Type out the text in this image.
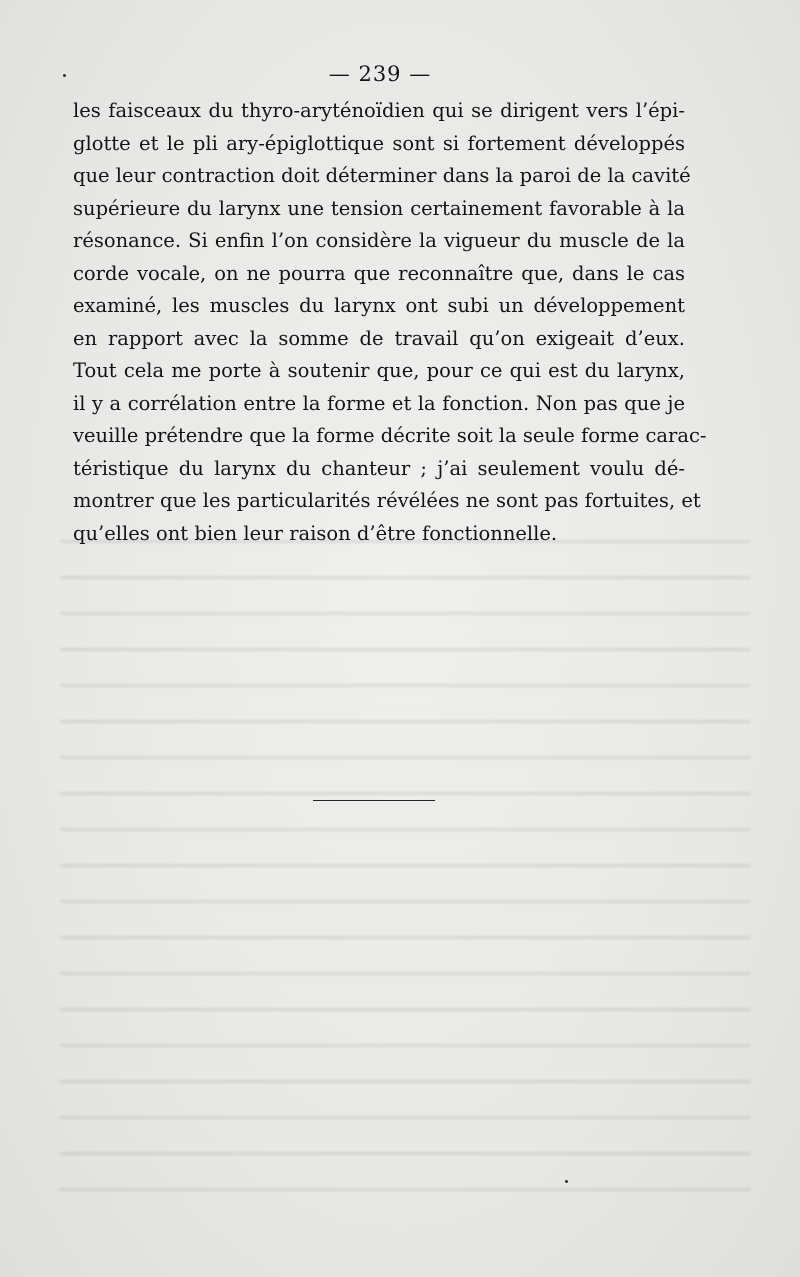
— 239 —
les faisceaux du thyro-aryténoïdien qui se dirigent vers l’épi-
glotte et le pli ary-épiglottique sont si fortement développés
que leur contraction doit déterminer dans la paroi de la cavité
supérieure du larynx une tension certainement favorable à la
résonance. Si enfin l’on considère la vigueur du muscle de la
corde vocale, on ne pourra que reconnaître que, dans le cas
examiné, les muscles du larynx ont subi un développement
en rapport avec la somme de travail qu’on exigeait d’eux.
Tout cela me porte à soutenir que, pour ce qui est du larynx,
il y a corrélation entre la forme et la fonction. Non pas que je
veuille prétendre que la forme décrite soit la seule forme carac-
téristique du larynx du chanteur ; j’ai seulement voulu dé-
montrer que les particularités révélées ne sont pas fortuites, et
qu’elles ont bien leur raison d’être fonctionnelle.
